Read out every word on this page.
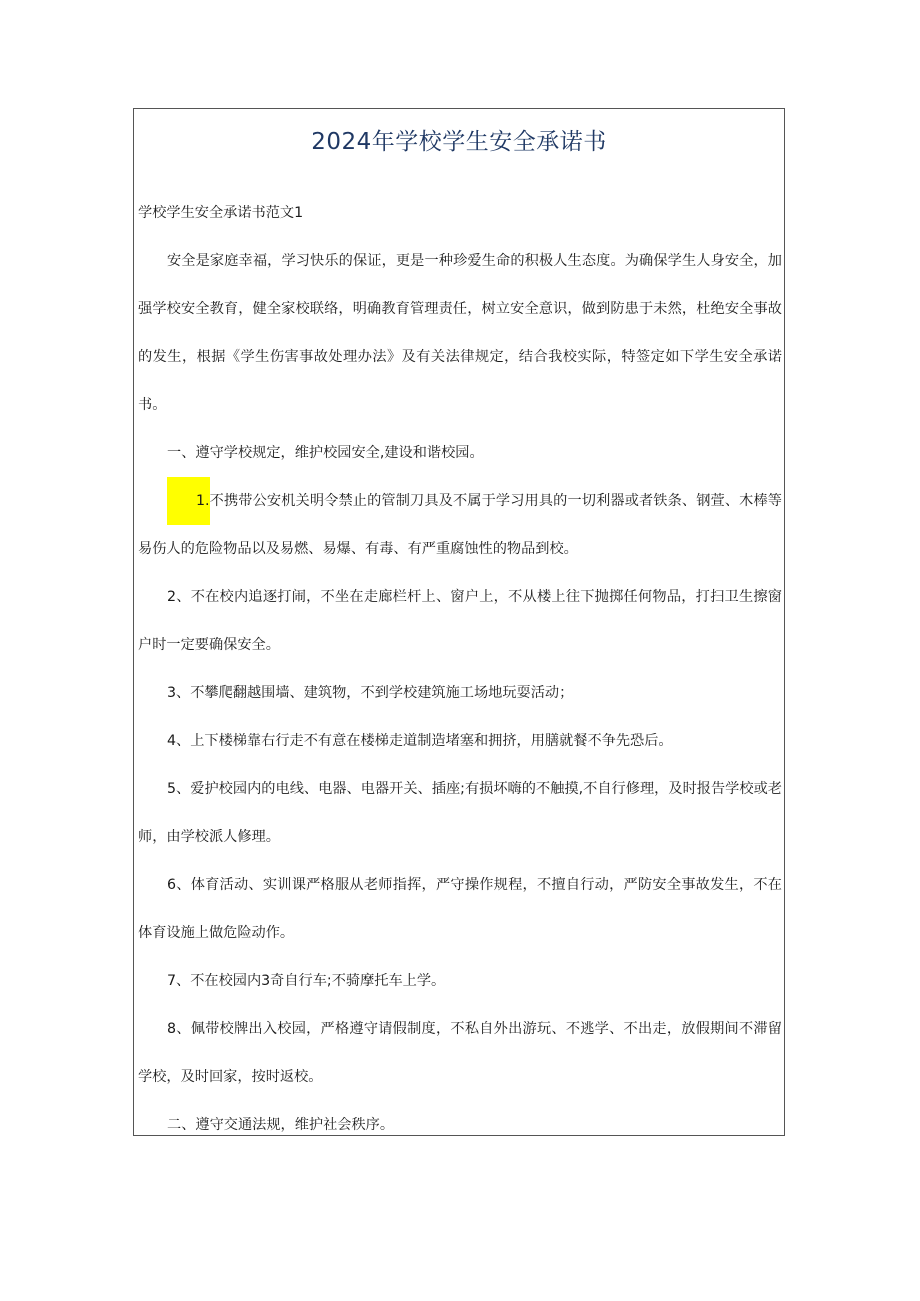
2024年学校学生安全承诺书

学校学生安全承诺书范文1

安全是家庭幸福，学习快乐的保证，更是一种珍爱生命的积极人生态度。为确保学生人身安全，加强学校安全教育，健全家校联络，明确教育管理责任，树立安全意识，做到防患于未然，杜绝安全事故的发生，根据《学生伤害事故处理办法》及有关法律规定，结合我校实际，特签定如下学生安全承诺书。

一、遵守学校规定，维护校园安全,建设和谐校园。

1.不携带公安机关明令禁止的管制刀具及不属于学习用具的一切利器或者铁条、钢萱、木棒等易伤人的危险物品以及易燃、易爆、有毒、有严重腐蚀性的物品到校。

2、不在校内追逐打闹，不坐在走廊栏杆上、窗户上，不从楼上往下抛掷任何物品，打扫卫生擦窗户时一定要确保安全。

3、不攀爬翻越围墙、建筑物，不到学校建筑施工场地玩耍活动；

4、上下楼梯靠右行走不有意在楼梯走道制造堵塞和拥挤，用膳就餐不争先恐后。

5、爱护校园内的电线、电器、电器开关、插座;有损坏嗨的不触摸,不自行修理，及时报告学校或老师，由学校派人修理。

6、体育活动、实训课严格服从老师指挥，严守操作规程，不擅自行动，严防安全事故发生，不在体育设施上做危险动作。

7、不在校园内3奇自行车;不骑摩托车上学。

8、佩带校牌出入校园，严格遵守请假制度，不私自外出游玩、不逃学、不出走，放假期间不滞留学校，及时回家，按时返校。

二、遵守交通法规，维护社会秩序。
